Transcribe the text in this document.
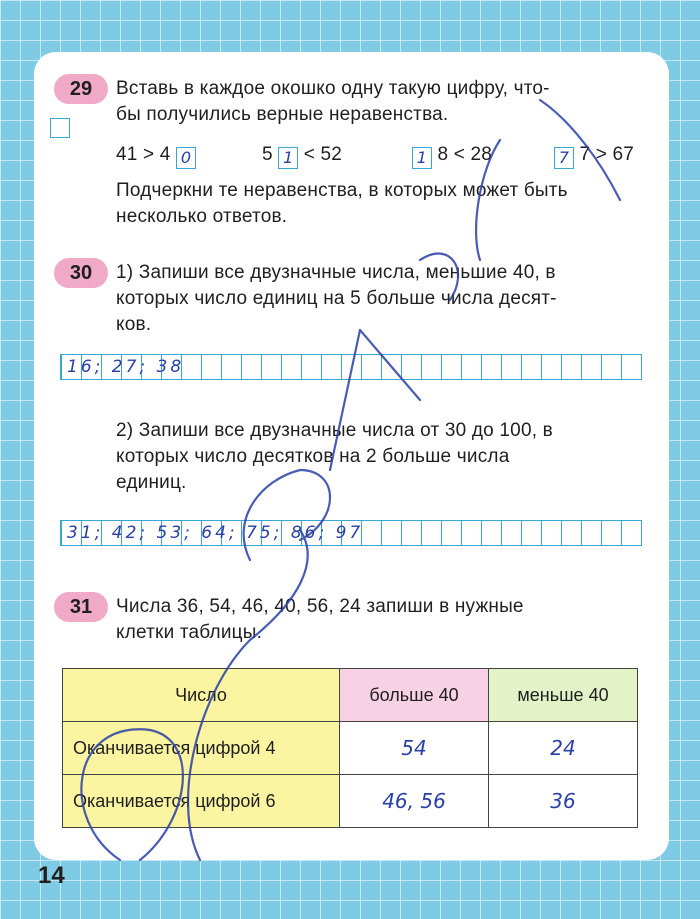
29 Вставь в каждое окошко одну такую цифру, что-
бы получились верные неравенства.
41 > 4 0	5 1 < 52	1 8 < 28	7 7 > 67
Подчеркни те неравенства, в которых может быть
несколько ответов.
30 1) Запиши все двузначные числа, меньшие 40, в
которых число единиц на 5 больше числа десят-
ков.
16; 27; 38
2) Запиши все двузначные числа от 30 до 100, в
которых число десятков на 2 больше числа
единиц.
31; 42; 53; 64; 75; 86; 97
31 Числа 36, 54, 46, 40, 56, 24 запиши в нужные
клетки таблицы.
Число	больше 40	меньше 40
Оканчивается цифрой 4	54	24
Оканчивается цифрой 6	46, 56	36
14
